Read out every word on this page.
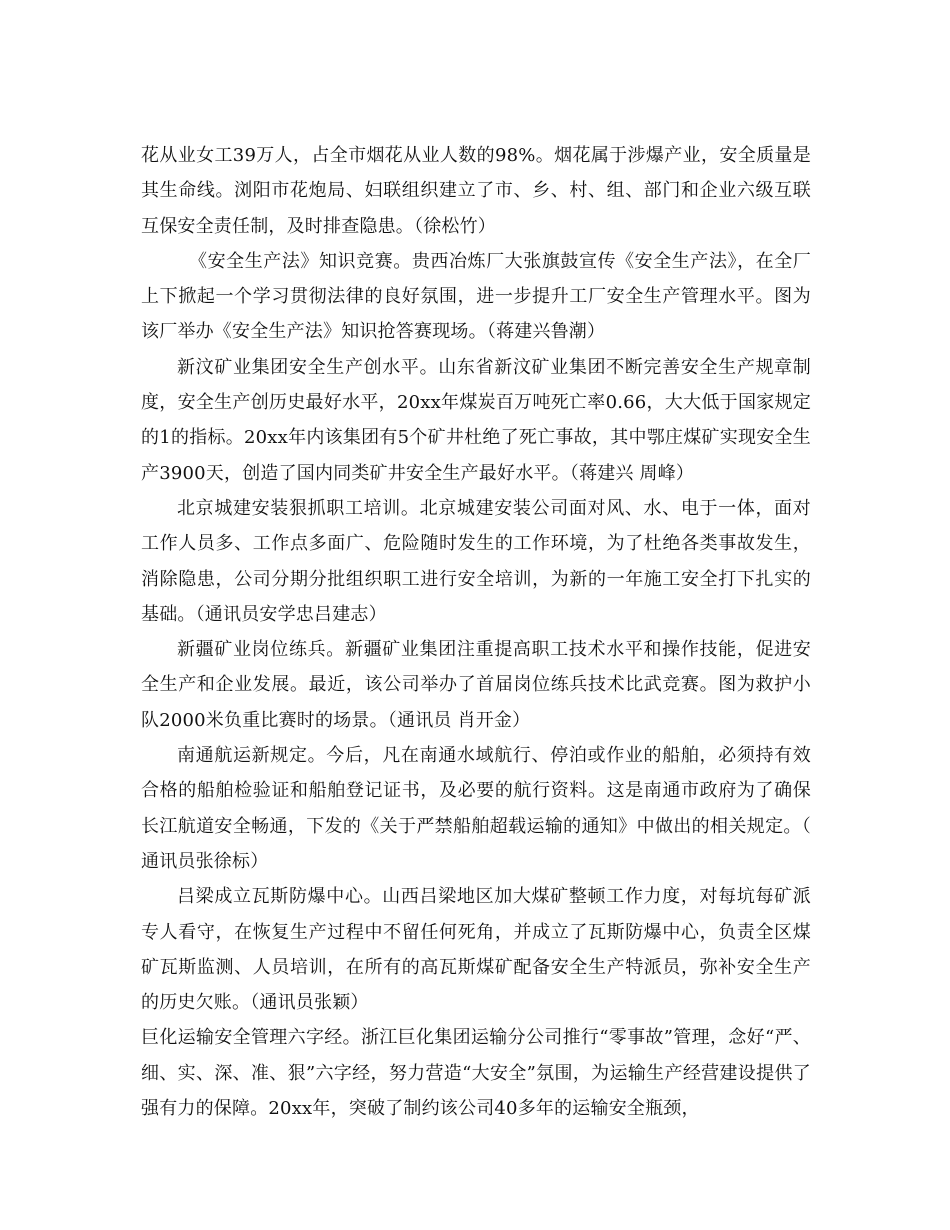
花从业女工39万人，占全市烟花从业人数的98%。烟花属于涉爆产业，安全质量是其生命线。浏阳市花炮局、妇联组织建立了市、乡、村、组、部门和企业六级互联互保安全责任制，及时排查隐患。（徐松竹）

《安全生产法》知识竞赛。贵西冶炼厂大张旗鼓宣传《安全生产法》，在全厂上下掀起一个学习贯彻法律的良好氛围，进一步提升工厂安全生产管理水平。图为该厂举办《安全生产法》知识抢答赛现场。（蒋建兴鲁潮）

新汶矿业集团安全生产创水平。山东省新汶矿业集团不断完善安全生产规章制度，安全生产创历史最好水平，20xx年煤炭百万吨死亡率0.66，大大低于国家规定的1的指标。20xx年内该集团有5个矿井杜绝了死亡事故，其中鄂庄煤矿实现安全生产3900天，创造了国内同类矿井安全生产最好水平。（蒋建兴 周峰）

北京城建安装狠抓职工培训。北京城建安装公司面对风、水、电于一体，面对工作人员多、工作点多面广、危险随时发生的工作环境，为了杜绝各类事故发生，消除隐患，公司分期分批组织职工进行安全培训，为新的一年施工安全打下扎实的基础。（通讯员安学忠吕建志）

新疆矿业岗位练兵。新疆矿业集团注重提高职工技术水平和操作技能，促进安全生产和企业发展。最近，该公司举办了首届岗位练兵技术比武竞赛。图为救护小队2000米负重比赛时的场景。（通讯员 肖开金）

南通航运新规定。今后，凡在南通水域航行、停泊或作业的船舶，必须持有效合格的船舶检验证和船舶登记证书，及必要的航行资料。这是南通市政府为了确保长江航道安全畅通，下发的《关于严禁船舶超载运输的通知》中做出的相关规定。（通讯员张徐标）

吕梁成立瓦斯防爆中心。山西吕梁地区加大煤矿整顿工作力度，对每坑每矿派专人看守，在恢复生产过程中不留任何死角，并成立了瓦斯防爆中心，负责全区煤矿瓦斯监测、人员培训，在所有的高瓦斯煤矿配备安全生产特派员，弥补安全生产的历史欠账。（通讯员张颖）

巨化运输安全管理六字经。浙江巨化集团运输分公司推行“零事故”管理，念好“严、细、实、深、准、狠”六字经，努力营造“大安全”氛围，为运输生产经营建设提供了强有力的保障。20xx年，突破了制约该公司40多年的运输安全瓶颈，
